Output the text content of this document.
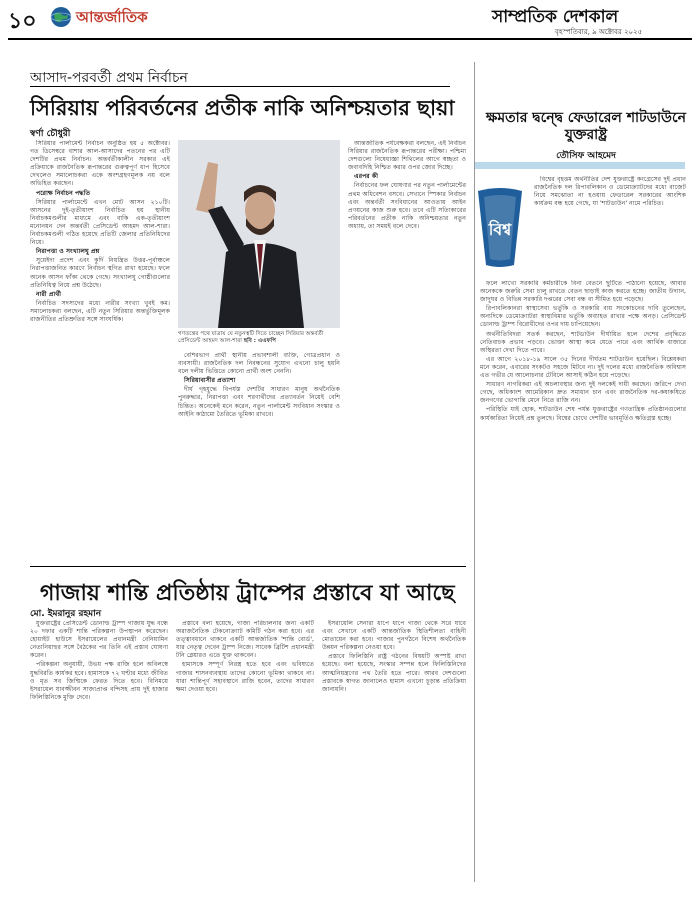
১০	আন্তর্জাতিক	সাম্প্রতিক দেশকাল
বৃহস্পতিবার, ৯ অক্টোবর ২০২৫
আসাদ-পরবর্তী প্রথম নির্বাচন
সিরিয়ায় পরিবর্তনের প্রতীক নাকি অনিশ্চয়তার ছায়া
স্বর্ণা চৌধুরী

সিরিয়ার পার্লামেন্ট নির্বাচন অনুষ্ঠিত হয় ৫ অক্টোবর। গত ডিসেম্বরে বাশার আল-আসাদের পতনের পর এটি দেশটির প্রথম নির্বাচন। অন্তর্বর্তীকালীন সরকার এই প্রক্রিয়াকে রাজনৈতিক রূপান্তরের গুরুত্বপূর্ণ ধাপ হিসেবে দেখলেও সমালোচকরা একে অংশগ্রহণমূলক নয় বলে অভিহিত করছেন।

পরোক্ষ নির্বাচন পদ্ধতি

সিরিয়ার পার্লামেন্টে এখন মোট আসন ২১০টি। আসনের দুই-তৃতীয়াংশ নির্বাচিত হয় স্থানীয় নির্বাচকমণ্ডলীর মাধ্যমে এবং বাকি এক-তৃতীয়াংশ মনোনয়ন দেন অন্তর্বর্তী প্রেসিডেন্ট আহমদ আল-শারা। নির্বাচকমণ্ডলী গঠিত হয়েছে প্রতিটি জেলার প্রতিনিধিদের নিয়ে।

নিরাপত্তা ও সংখ্যালঘু প্রশ্ন

সুয়েইদা প্রদেশ এবং কুর্দি নিয়ন্ত্রিত উত্তর-পূর্বাঞ্চলে নিরাপত্তাজনিত কারণে নির্বাচন স্থগিত রাখা হয়েছে। ফলে অনেক আসন ফাঁকা থেকে গেছে। সংখ্যালঘু গোষ্ঠীগুলোর প্রতিনিধিত্ব নিয়ে প্রশ্ন উঠেছে।

নারী প্রার্থী

নির্বাচিত সদস্যদের মধ্যে নারীর সংখ্যা খুবই কম। সমালোচকরা বলছেন, এটি নতুন সিরিয়ার অন্তর্ভুক্তিমূলক রাজনীতির প্রতিশ্রুতির সঙ্গে সাংঘর্ষিক।

গণতন্ত্রের পথে যাত্রায় যে নতুনত্বটি দিতে চাচ্ছেন সিরিয়ার অন্তর্বর্তী প্রেসিডেন্ট আহমদ আল-শারা ছবি : এএফপি

বেশিরভাগ প্রার্থী স্থানীয় প্রভাবশালী ব্যক্তি, গোত্রপ্রধান ও ব্যবসায়ী। রাজনৈতিক দল নিবন্ধনের সুযোগ এখনো চালু হয়নি বলে দলীয় ভিত্তিতে কোনো প্রার্থী অংশ নেননি।

সিরিয়াবাসীর প্রত্যাশা

দীর্ঘ গৃহযুদ্ধে বিপর্যস্ত দেশটির সাধারণ মানুষ অর্থনৈতিক পুনরুদ্ধার, নিরাপত্তা এবং শরণার্থীদের প্রত্যাবর্তন নিয়েই বেশি চিন্তিত। অনেকেই মনে করেন, নতুন পার্লামেন্ট সংবিধান সংস্কার ও আইনি কাঠামো তৈরিতে ভূমিকা রাখবে।

আন্তর্জাতিক পর্যবেক্ষকরা বলছেন, এই নির্বাচন সিরিয়ার রাজনৈতিক রূপান্তরের পরীক্ষা। পশ্চিমা দেশগুলো নিষেধাজ্ঞা শিথিলের আগে স্বচ্ছতা ও জবাবদিহি নিশ্চিত করার ওপর জোর দিচ্ছে।

এরপর কী

নির্বাচনের ফল ঘোষণার পর নতুন পার্লামেন্টের প্রথম অধিবেশন বসবে। সেখানে স্পিকার নির্বাচন এবং অন্তর্বর্তী সংবিধানের আওতায় আইন প্রণয়নের কাজ শুরু হবে। তবে এটি সত্যিকারের পরিবর্তনের প্রতীক নাকি অনিশ্চয়তার নতুন অধ্যায়, তা সময়ই বলে দেবে।

ক্ষমতার দ্বন্দ্বে ফেডারেল শাটডাউনে যুক্তরাষ্ট্র
তৌসিফ আহমেদ
বিশ্ব

বিশ্বের বৃহত্তম অর্থনীতির দেশ যুক্তরাষ্ট্রে কংগ্রেসের দুই প্রধান রাজনৈতিক দল রিপাবলিকান ও ডেমোক্র্যাটদের মধ্যে বাজেট নিয়ে সমঝোতা না হওয়ায় ফেডারেল সরকারের আংশিক কার্যক্রম বন্ধ হয়ে গেছে, যা 'শাটডাউন' নামে পরিচিত।

ফলে লাখো সরকারি কর্মচারীকে বিনা বেতনে ছুটিতে পাঠানো হয়েছে, আবার অনেককে জরুরি সেবা চালু রাখতে বেতন ছাড়াই কাজ করতে হচ্ছে। জাতীয় উদ্যান, জাদুঘর ও বিভিন্ন সরকারি দপ্তরের সেবা বন্ধ বা সীমিত হয়ে পড়েছে।

রিপাবলিকানরা স্বাস্থ্যসেবা ভর্তুকি ও সরকারি ব্যয় সংকোচনের দাবি তুলেছেন, অন্যদিকে ডেমোক্র্যাটরা স্বাস্থ্যবিমার ভর্তুকি অব্যাহত রাখার পক্ষে অনড়। প্রেসিডেন্ট ডোনাল্ড ট্রাম্প বিরোধীদের ওপর দায় চাপিয়েছেন।

অর্থনীতিবিদরা সতর্ক করছেন, শাটডাউন দীর্ঘায়িত হলে দেশের প্রবৃদ্ধিতে নেতিবাচক প্রভাব পড়বে। ভোক্তা আস্থা কমে যেতে পারে এবং আর্থিক বাজারে অস্থিরতা দেখা দিতে পারে।

এর আগে ২০১৮-১৯ সালে ৩৫ দিনের দীর্ঘতম শাটডাউন হয়েছিল। বিশ্লেষকরা মনে করেন, এবারের সংকটও সহজে মিটবে না। দুই দলের মধ্যে রাজনৈতিক অবিশ্বাস এত গভীর যে আলোচনার টেবিলে আসাই কঠিন হয়ে পড়েছে।

সাধারণ নাগরিকরা এই অচলাবস্থার জন্য দুই দলকেই দায়ী করছেন। জরিপে দেখা গেছে, অধিকাংশ আমেরিকান দ্রুত সমাধান চান এবং রাজনৈতিক দর-কষাকষিতে জনগণের ভোগান্তি মেনে নিতে রাজি নন।

পরিস্থিতি যাই হোক, শাটডাউন শেষ পর্যন্ত যুক্তরাষ্ট্রের গণতান্ত্রিক প্রতিষ্ঠানগুলোর কার্যকারিতা নিয়েই প্রশ্ন তুলছে। বিশ্বের চোখে দেশটির ভাবমূর্তিও ক্ষতিগ্রস্ত হচ্ছে।

গাজায় শান্তি প্রতিষ্ঠায় ট্রাম্পের প্রস্তাবে যা আছে
মো. ইমরানুর রহমান

যুক্তরাষ্ট্রের প্রেসিডেন্ট ডোনাল্ড ট্রাম্প গাজায় যুদ্ধ বন্ধে ২০ দফার একটি শান্তি পরিকল্পনা উপস্থাপন করেছেন। হোয়াইট হাউসে ইসরায়েলের প্রধানমন্ত্রী বেনিয়ামিন নেতানিয়াহুর সঙ্গে বৈঠকের পর তিনি এই প্রস্তাব ঘোষণা করেন।

পরিকল্পনা অনুযায়ী, উভয় পক্ষ রাজি হলে অবিলম্বে যুদ্ধবিরতি কার্যকর হবে। হামাসকে ৭২ ঘণ্টার মধ্যে জীবিত ও মৃত সব জিম্মিকে ফেরত দিতে হবে। বিনিময়ে ইসরায়েল যাবজ্জীবন সাজাপ্রাপ্ত বন্দিসহ প্রায় দুই হাজার ফিলিস্তিনিকে মুক্তি দেবে।

প্রস্তাবে বলা হয়েছে, গাজা পরিচালনার জন্য একটি অরাজনৈতিক টেকনোক্র্যাট কমিটি গঠন করা হবে। এর তত্ত্বাবধানে থাকবে একটি আন্তর্জাতিক 'শান্তি বোর্ড', যার নেতৃত্ব দেবেন ট্রাম্প নিজে। সাবেক ব্রিটিশ প্রধানমন্ত্রী টনি ব্লেয়ারও এতে যুক্ত থাকবেন।

হামাসকে সম্পূর্ণ নিরস্ত্র হতে হবে এবং ভবিষ্যতে গাজার শাসনব্যবস্থায় তাদের কোনো ভূমিকা থাকবে না। যারা শান্তিপূর্ণ সহাবস্থানে রাজি হবেন, তাদের সাধারণ ক্ষমা দেওয়া হবে।

ইসরায়েলি সেনারা ধাপে ধাপে গাজা থেকে সরে যাবে এবং সেখানে একটি আন্তর্জাতিক স্থিতিশীলতা বাহিনী মোতায়েন করা হবে। গাজার পুনর্গঠনে বিশেষ অর্থনৈতিক উন্নয়ন পরিকল্পনা নেওয়া হবে।

প্রস্তাবে ফিলিস্তিনি রাষ্ট্র গঠনের বিষয়টি অস্পষ্ট রাখা হয়েছে। বলা হয়েছে, সংস্কার সম্পন্ন হলে ফিলিস্তিনিদের আত্মনিয়ন্ত্রণের পথ তৈরি হতে পারে। আরব দেশগুলো প্রস্তাবকে স্বাগত জানালেও হামাস এখনো চূড়ান্ত প্রতিক্রিয়া জানায়নি।
